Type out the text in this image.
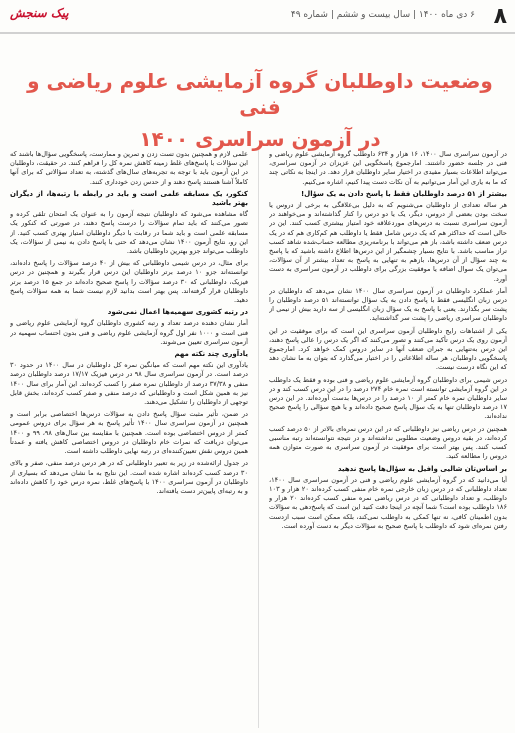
۸
۶ دی ماه ۱۴۰۰ | سال بیست و ششم | شماره ۴۹
پیک سنجش
وضعیت داوطلبان گروه آزمایشی علوم ریاضی و فنی
در آزمون سراسری ۱۴۰۰

در آزمون سراسری سال ۱۴۰۰، ۱۶ هزار و ۶۳۴ داوطلب گروه آزمایشی علوم ریاضی و فنی در جلسه حضور داشتند. امارجموع پاسخگویی این عزیزان در آزمون سراسری، می‌تواند اطلاعات بسیار مفیدی در اختیار سایر داوطلبان قرار دهد. در اینجا به نکاتی چند که ما به یاری این آمار می‌توانیم به آن نکات دست پیدا کنیم، اشاره می‌کنیم.

بیشتر از ۵۱ درصد داوطلبان فقط با پاسخ دادن به یک سؤال!

هر ساله تعدادی از داوطلبان می‌شنویم که به دلیل بی‌علاقگی به برخی از دروس یا سخت بودن بعضی از دروس، دیگر، یک یا دو درس را کنار گذاشته‌اند و می‌خواهند در آزمون سراسری نسبت به درس‌های موردعلاقه خود امتیاز بیشتری کسب کنند. این در حالی است که حداکثر هم که یک درس شامل فقط یا داوطلب هم کم‌کاری هم که در یک درس ضعف داشته باشد، باز هم می‌تواند با برنامه‌ریزی مطالعه حساب‌شده شاهد کسب تراز مناسب باشد. با نتایج بسیار چشمگیر از این درس‌ها اطلاع داشته باشید که با پاسخ به چند سؤال از آن درس‌ها، بازهم به تنهایی به پاسخ به تعداد بیشتر از آن سؤالات، می‌توان یک سوال اضافه یا موفقیت بزرگی برای داوطلب در آزمون سراسری به دست آورد.

آمار عملکرد داوطلبان در آزمون سراسری سال ۱۴۰۰ نشان می‌دهد که داوطلبان در درس زبان انگلیسی فقط با پاسخ دادن به یک سؤال توانسته‌اند ۵۱ درصد داوطلبان را پشت سر بگذارند. یعنی با پاسخ به یک سؤال زبان انگلیسی از سه دارید بیش از نیمی از داوطلبان سراسری ریاضی را پشت سر گذاشته‌اید.

یکی از اشتباهات رایج داوطلبان آزمون سراسری این است که برای موفقیت در این آزمون روی یک درس تأکید می‌کنند و تصور می‌کنند که اگر یک درس را عالی پاسخ دهند، این درس به‌تنهایی به جبران ضعف آنها در سایر دروس کمک خواهد کرد. امارجموع پاسخگویی داوطلبان، هر ساله اطلاعاتی را در اختیار می‌گذارد که بتوان به ما نشان دهد که این نگاه درست نیست.

درس شیمی برای داوطلبان گروه آزمایشی علوم ریاضی و فنی بوده و فقط یک داوطلب در این گروه آزمایشی توانسته است نمره خام ۲۷۴ درصد را در این درس کسب کند و در سایر داوطلبان نمره خام کمتر از ۱۰ درصد را در درس‌ها بدست آورده‌اند. در این درس ۱۷ درصد داوطلبان تنها به یک سؤال پاسخ صحیح داده‌اند و یا هیچ سؤالی را پاسخ صحیح نداده‌اند.

همچنین در درس ریاضی نیز داوطلبانی که در این درس نمره‌ای بالاتر از ۵۰ درصد کسب کرده‌اند، در بقیه دروس وضعیت مطلوبی نداشته‌اند و در نتیجه نتوانسته‌اند رتبه مناسبی کسب کنند. پس بهتر است برای موفقیت در آزمون سراسری به صورت متوازن همه دروس را مطالعه کنید.

بر اساس‌تان شالیی وافیل به سؤال‌ها پاسخ ندهید

آیا می‌دانید که در گروه آزمایشی علوم ریاضی و فنی در آزمون سراسری سال ۱۴۰۰، تعداد داوطلبانی که در درس زبان خارجی نمره خام منفی کسب کرده‌اند ۲۰ هزار و ۱۰۳ داوطلب، و تعداد داوطلبانی که در درس ریاضی نمره منفی کسب کرده‌اند ۲۰ هزار و ۱۸۶ داوطلب بوده است؟ شما آنچه در اینجا دقت کنید این است که پاسخ‌دهی به سؤالات بدون اطمینان کافی، نه تنها کمکی به داوطلب نمی‌کند، بلکه ممکن است سبب ازدست رفتن نمره‌ای شود که داوطلب با پاسخ صحیح به سؤالات دیگر به دست آورده است.

علمی لازم و همچنین بدون تست زدن و تمرین و ممارست، پاسخگویی سؤال‌ها باشند که این سؤالات با پاسخ‌های غلط زمینه کاهش نمره کل را فراهم کنند. در حقیقت، داوطلبان در این آزمون باید با توجه به تجربه‌های سال‌های گذشته، به تعداد سؤالاتی که برای آنها کاملاً آشنا هستند پاسخ دهند و از حدس زدن خودداری کنند.

کنکور، یک مسابقه علمی است و باید در رابطه با رتبه‌ها، از دیگران بهتر باشید

گاه مشاهده می‌شود که داوطلبان نتیجه آزمون را به عنوان یک امتحان تلقی کرده و تصور می‌کنند که باید تمام سؤالات را درست پاسخ دهند، در صورتی که کنکور یک مسابقه علمی است و باید شما در رقابت با دیگر داوطلبان امتیاز بهتری کسب کنید. از این رو، نتایج آزمون ۱۴۰۰ نشان می‌دهد که حتی با پاسخ دادن به نیمی از سؤالات، یک داوطلب می‌تواند جزو بهترین داوطلبان باشد.

برای مثال، در درس شیمی داوطلبانی که بیش از ۴۰ درصد سؤالات را پاسخ داده‌اند، توانسته‌اند جزو ۱۰ درصد برتر داوطلبان این درس قرار بگیرند و همچنین در درس فیزیک، داوطلبانی که ۳۰ درصد سؤالات را پاسخ صحیح داده‌اند در جمع ۱۵ درصد برتر داوطلبان قرار گرفته‌اند. پس بهتر است بدانید لازم نیست شما به همه سؤالات پاسخ دهید.

در رتبه کشوری سهمیه‌ها اعمال نمی‌شود

آمار نشان دهنده درصد تعداد و رتبه کشوری داوطلبان گروه آزمایشی علوم ریاضی و فنی است و ۱۰۰۰ نفر اول گروه آزمایشی علوم ریاضی و فنی بدون احتساب سهمیه در آزمون سراسری تعیین می‌شوند.

یادآوری چند نکته مهم

یادآوری این نکته مهم است که میانگین نمره کل داوطلبان در سال ۱۴۰۰ در حدود ۳۰ درصد است. در آزمون سراسری سال ۹۸ در درس فیزیک ۱۷/۱۷ درصد داوطلبان درصد منفی و ۳۷/۳۸ درصد از داوطلبان نمره صفر را کسب کرده‌اند. این آمار برای سال ۱۴۰۰ نیز به همین شکل است و داوطلبانی که درصد منفی و صفر کسب کرده‌اند، بخش قابل توجهی از داوطلبان را تشکیل می‌دهند.

در ضمن، تأثیر مثبت سؤال پاسخ دادن به سؤالات درس‌ها اختصاصی برابر است و همچنین در آزمون سراسری سال ۱۴۰۰ تأثیر پاسخ به هر سؤال برای دروس عمومی کمتر از دروس اختصاصی بوده است. همچنین با مقایسه بین سال‌های ۹۸، ۹۹ و ۱۴۰۰ می‌توان دریافت که نمرات خام داوطلبان در دروس اختصاصی کاهش یافته و عمدتاً همین دروس نقش تعیین‌کننده‌ای در رتبه نهایی داوطلب داشته است.

در جدول ارائه‌شده در زیر به تعبیر داوطلبانی که در هر درس درصد منفی، صفر و بالای ۳۰ درصد کسب کرده‌اند اشاره شده است. این نتایج به ما نشان می‌دهد که بسیاری از داوطلبان در آزمون سراسری ۱۴۰۰ با پاسخ‌های غلط، نمره درس خود را کاهش داده‌اند و به رتبه‌ای پایین‌تر دست یافته‌اند.
